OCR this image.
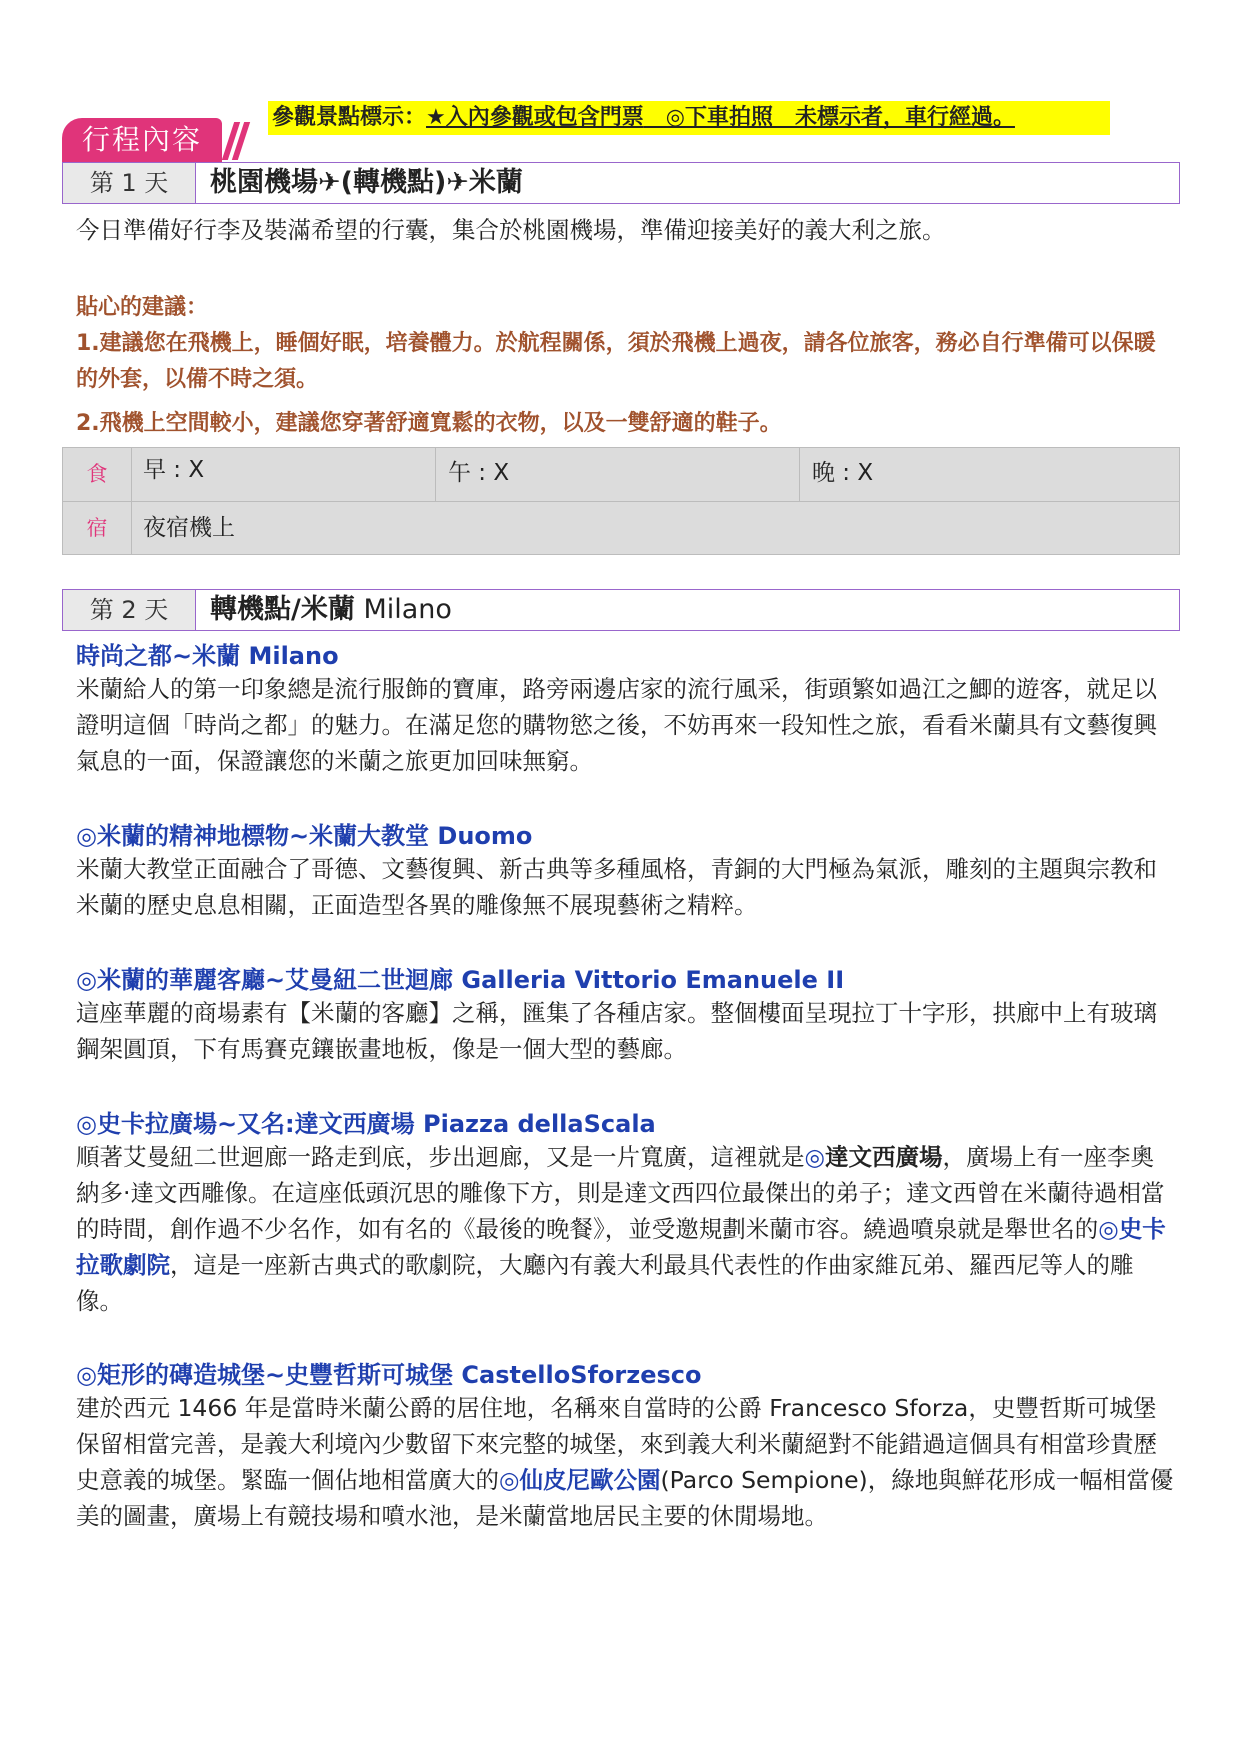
參觀景點標示：★入內參觀或包含門票　◎下車拍照　未標示者，車行經過。
行程內容
第 1 天	桃園機場✈(轉機點)✈米蘭
今日準備好行李及裝滿希望的行囊，集合於桃園機場，準備迎接美好的義大利之旅。
貼心的建議：
1.建議您在飛機上，睡個好眠，培養體力。於航程關係，須於飛機上過夜，請各位旅客，務必自行準備可以保暖的外套，以備不時之須。
2.飛機上空間較小，建議您穿著舒適寬鬆的衣物，以及一雙舒適的鞋子。
食	早 : X	午 : X	晚 : X
宿	夜宿機上
第 2 天	轉機點/米蘭 Milano
時尚之都~米蘭 Milano
米蘭給人的第一印象總是流行服飾的寶庫，路旁兩邊店家的流行風采，街頭繁如過江之鯽的遊客，就足以證明這個「時尚之都」的魅力。在滿足您的購物慾之後，不妨再來一段知性之旅，看看米蘭具有文藝復興氣息的一面，保證讓您的米蘭之旅更加回味無窮。
◎米蘭的精神地標物~米蘭大教堂 Duomo
米蘭大教堂正面融合了哥德、文藝復興、新古典等多種風格，青銅的大門極為氣派，雕刻的主題與宗教和米蘭的歷史息息相關，正面造型各異的雕像無不展現藝術之精粹。
◎米蘭的華麗客廳~艾曼紐二世迴廊 Galleria Vittorio Emanuele II
這座華麗的商場素有【米蘭的客廳】之稱，匯集了各種店家。整個樓面呈現拉丁十字形，拱廊中上有玻璃鋼架圓頂，下有馬賽克鑲嵌畫地板，像是一個大型的藝廊。
◎史卡拉廣場~又名:達文西廣場 Piazza dellaScala
順著艾曼紐二世迴廊一路走到底，步出迴廊，又是一片寬廣，這裡就是◎達文西廣場，廣場上有一座李奧納多‧達文西雕像。在這座低頭沉思的雕像下方，則是達文西四位最傑出的弟子；達文西曾在米蘭待過相當的時間，創作過不少名作，如有名的《最後的晚餐》，並受邀規劃米蘭市容。繞過噴泉就是舉世名的◎史卡拉歌劇院，這是一座新古典式的歌劇院，大廳內有義大利最具代表性的作曲家維瓦弟、羅西尼等人的雕像。
◎矩形的磚造城堡~史豐哲斯可城堡 CastelloSforzesco
建於西元 1466 年是當時米蘭公爵的居住地，名稱來自當時的公爵 Francesco Sforza，史豐哲斯可城堡保留相當完善，是義大利境內少數留下來完整的城堡，來到義大利米蘭絕對不能錯過這個具有相當珍貴歷史意義的城堡。緊臨一個佔地相當廣大的◎仙皮尼歐公園(Parco Sempione)，綠地與鮮花形成一幅相當優美的圖畫，廣場上有競技場和噴水池，是米蘭當地居民主要的休閒場地。
